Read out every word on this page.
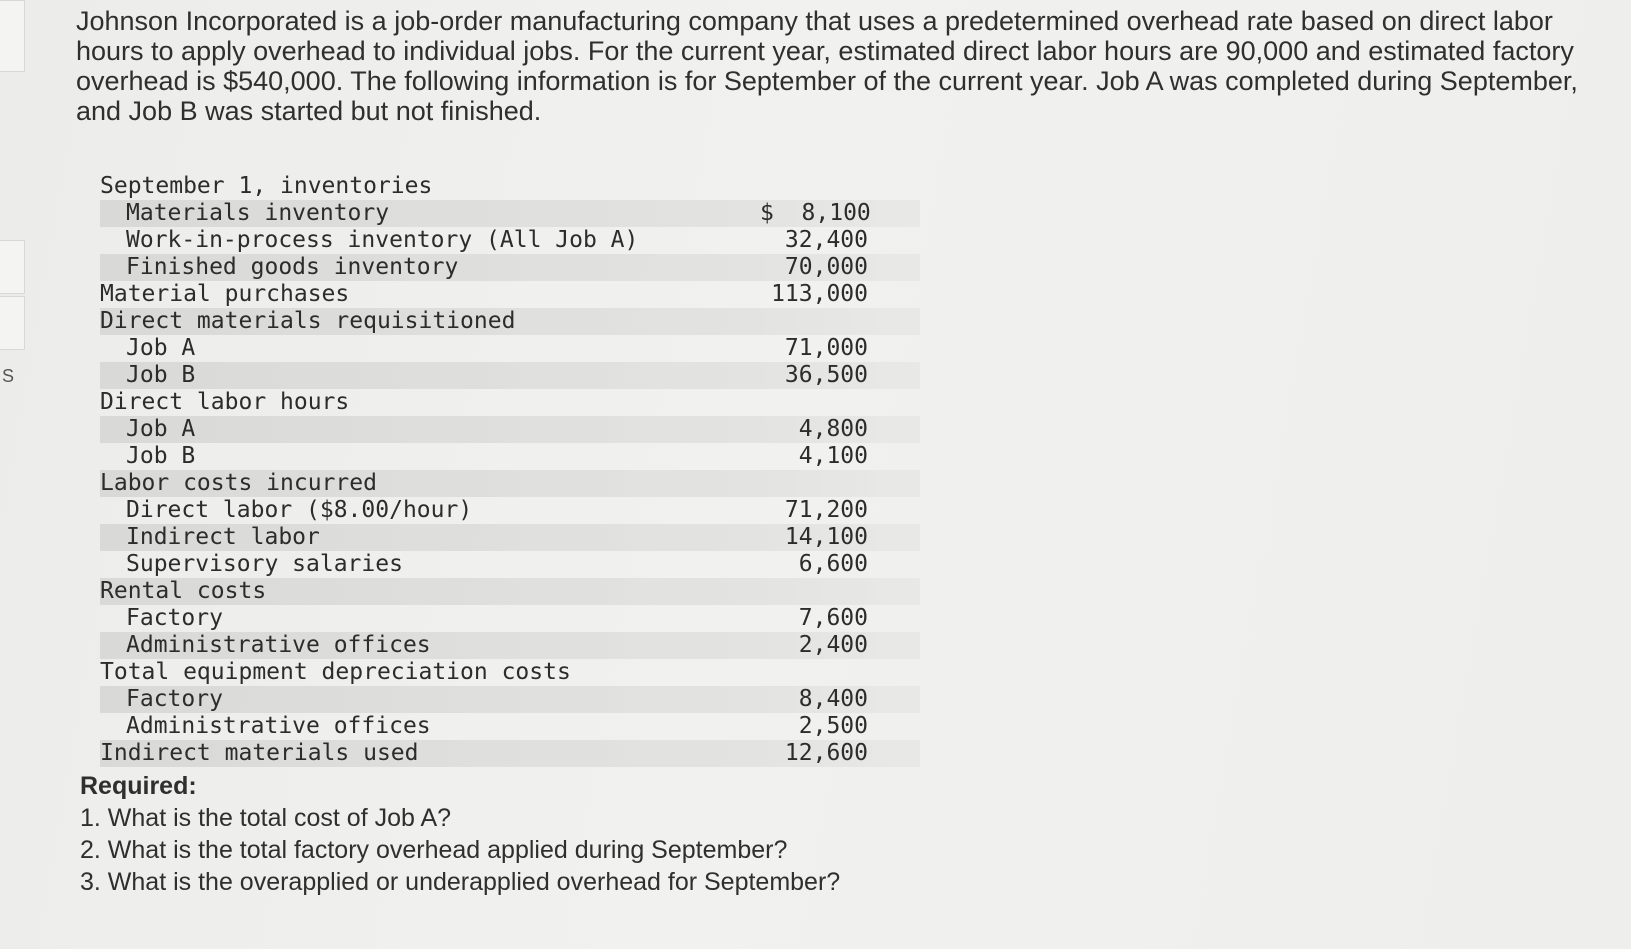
S

Johnson Incorporated is a job-order manufacturing company that uses a predetermined overhead rate based on direct labor hours to apply overhead to individual jobs. For the current year, estimated direct labor hours are 90,000 and estimated factory overhead is $540,000. The following information is for September of the current year. Job A was completed during September, and Job B was started but not finished.

September 1, inventories
Materials inventory	$  8,100
Work-in-process inventory (All Job A)	32,400
Finished goods inventory	70,000
Material purchases	113,000
Direct materials requisitioned
Job A	71,000
Job B	36,500
Direct labor hours
Job A	4,800
Job B	4,100
Labor costs incurred
Direct labor ($8.00/hour)	71,200
Indirect labor	14,100
Supervisory salaries	6,600
Rental costs
Factory	7,600
Administrative offices	2,400
Total equipment depreciation costs
Factory	8,400
Administrative offices	2,500
Indirect materials used	12,600
Required:
1. What is the total cost of Job A?
2. What is the total factory overhead applied during September?
3. What is the overapplied or underapplied overhead for September?
